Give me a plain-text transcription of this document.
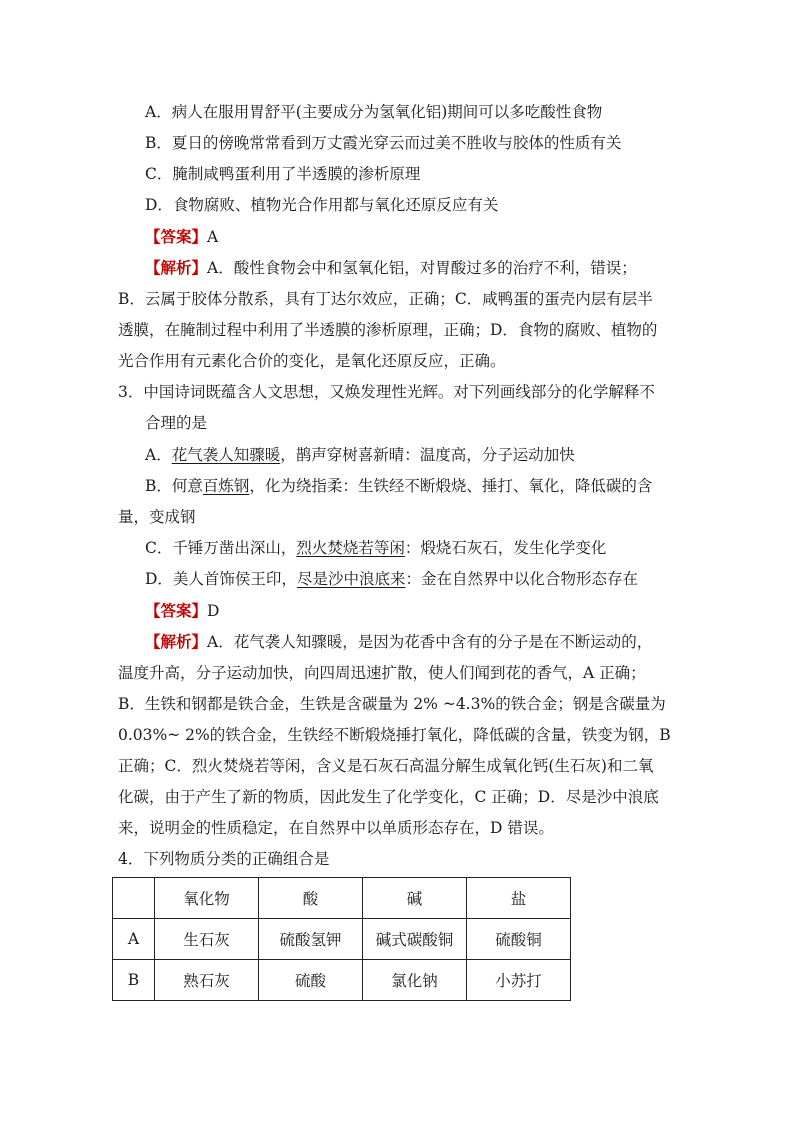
A．病人在服用胃舒平(主要成分为氢氧化铝)期间可以多吃酸性食物
B．夏日的傍晚常常看到万丈霞光穿云而过美不胜收与胶体的性质有关
C．腌制咸鸭蛋利用了半透膜的渗析原理
D．食物腐败、植物光合作用都与氧化还原反应有关
【答案】A
【解析】A．酸性食物会中和氢氧化铝，对胃酸过多的治疗不利，错误；
B．云属于胶体分散系，具有丁达尔效应，正确；C．咸鸭蛋的蛋壳内层有层半
透膜，在腌制过程中利用了半透膜的渗析原理，正确；D．食物的腐败、植物的
光合作用有元素化合价的变化，是氧化还原反应，正确。
3．中国诗词既蕴含人文思想，又焕发理性光辉。对下列画线部分的化学解释不
合理的是
A．花气袭人知骤暖，鹊声穿树喜新晴：温度高，分子运动加快
B．何意百炼钢，化为绕指柔：生铁经不断煅烧、捶打、氧化，降低碳的含
量，变成钢
C．千锤万凿出深山，烈火焚烧若等闲：煅烧石灰石，发生化学变化
D．美人首饰侯王印，尽是沙中浪底来：金在自然界中以化合物形态存在
【答案】D
【解析】A．花气袭人知骤暖，是因为花香中含有的分子是在不断运动的，
温度升高，分子运动加快，向四周迅速扩散，使人们闻到花的香气，A 正确；
B．生铁和钢都是铁合金，生铁是含碳量为 2% ~4.3%的铁合金；钢是含碳量为
0.03%~ 2%的铁合金，生铁经不断煅烧捶打氧化，降低碳的含量，铁变为钢，B
正确；C．烈火焚烧若等闲，含义是石灰石高温分解生成氧化钙(生石灰)和二氧
化碳，由于产生了新的物质，因此发生了化学变化，C 正确；D．尽是沙中浪底
来，说明金的性质稳定，在自然界中以单质形态存在，D 错误。
4．下列物质分类的正确组合是
	氧化物	酸	碱	盐
A	生石灰	硫酸氢钾	碱式碳酸铜	硫酸铜
B	熟石灰	硫酸	氯化钠	小苏打
